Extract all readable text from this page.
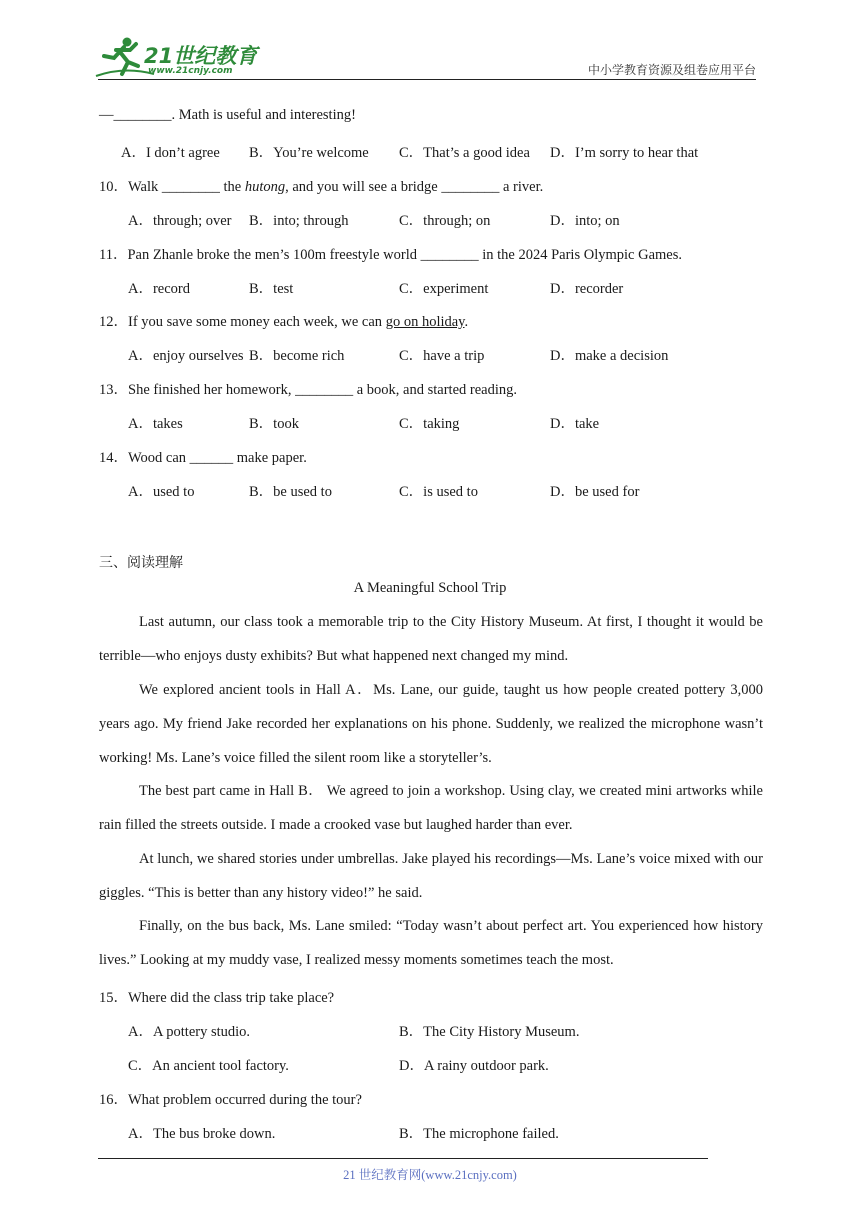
21世纪教育
www.21cnjy.com	中小学教育资源及组卷应用平台
—________. Math is useful and interesting!
A．I don’t agree B．You’re welcome C．That’s a good idea D．I’m sorry to hear that
10．Walk ________ the hutong, and you will see a bridge ________ a river.
A．through; over B．into; through	C．through; on	D．into; on
11．Pan Zhanle broke the men’s 100m freestyle world ________ in the 2024 Paris Olympic Games.
A．record	B．test	C．experiment	D．recorder
12．If you save some money each week, we can go on holiday.
A．enjoy ourselves B．become rich	C．have a trip	D．make a decision
13．She finished her homework, ________ a book, and started reading.
A．takes	B．took	C．taking	D．take
14．Wood can ______ make paper.
A．used to	B．be used to	C．is used to	D．be used for
三、阅读理解
A Meaningful School Trip
Last autumn, our class took a memorable trip to the City History Museum. At first, I thought it would be terrible—who enjoys dusty exhibits? But what happened next changed my mind.
We explored ancient tools in Hall A．Ms. Lane, our guide, taught us how people created pottery 3,000 years ago. My friend Jake recorded her explanations on his phone. Suddenly, we realized the microphone wasn’t working! Ms. Lane’s voice filled the silent room like a storyteller’s.
The best part came in Hall B． We agreed to join a workshop. Using clay, we created mini artworks while rain filled the streets outside. I made a crooked vase but laughed harder than ever.
At lunch, we shared stories under umbrellas. Jake played his recordings—Ms. Lane’s voice mixed with our giggles. “This is better than any history video!” he said.
Finally, on the bus back, Ms. Lane smiled: “Today wasn’t about perfect art. You experienced how history lives.” Looking at my muddy vase, I realized messy moments sometimes teach the most.
15．Where did the class trip take place?
A．A pottery studio.	B．The City History Museum.
C．An ancient tool factory.	D．A rainy outdoor park.
16．What problem occurred during the tour?
A．The bus broke down.	B．The microphone failed.
21 世纪教育网(www.21cnjy.com)
